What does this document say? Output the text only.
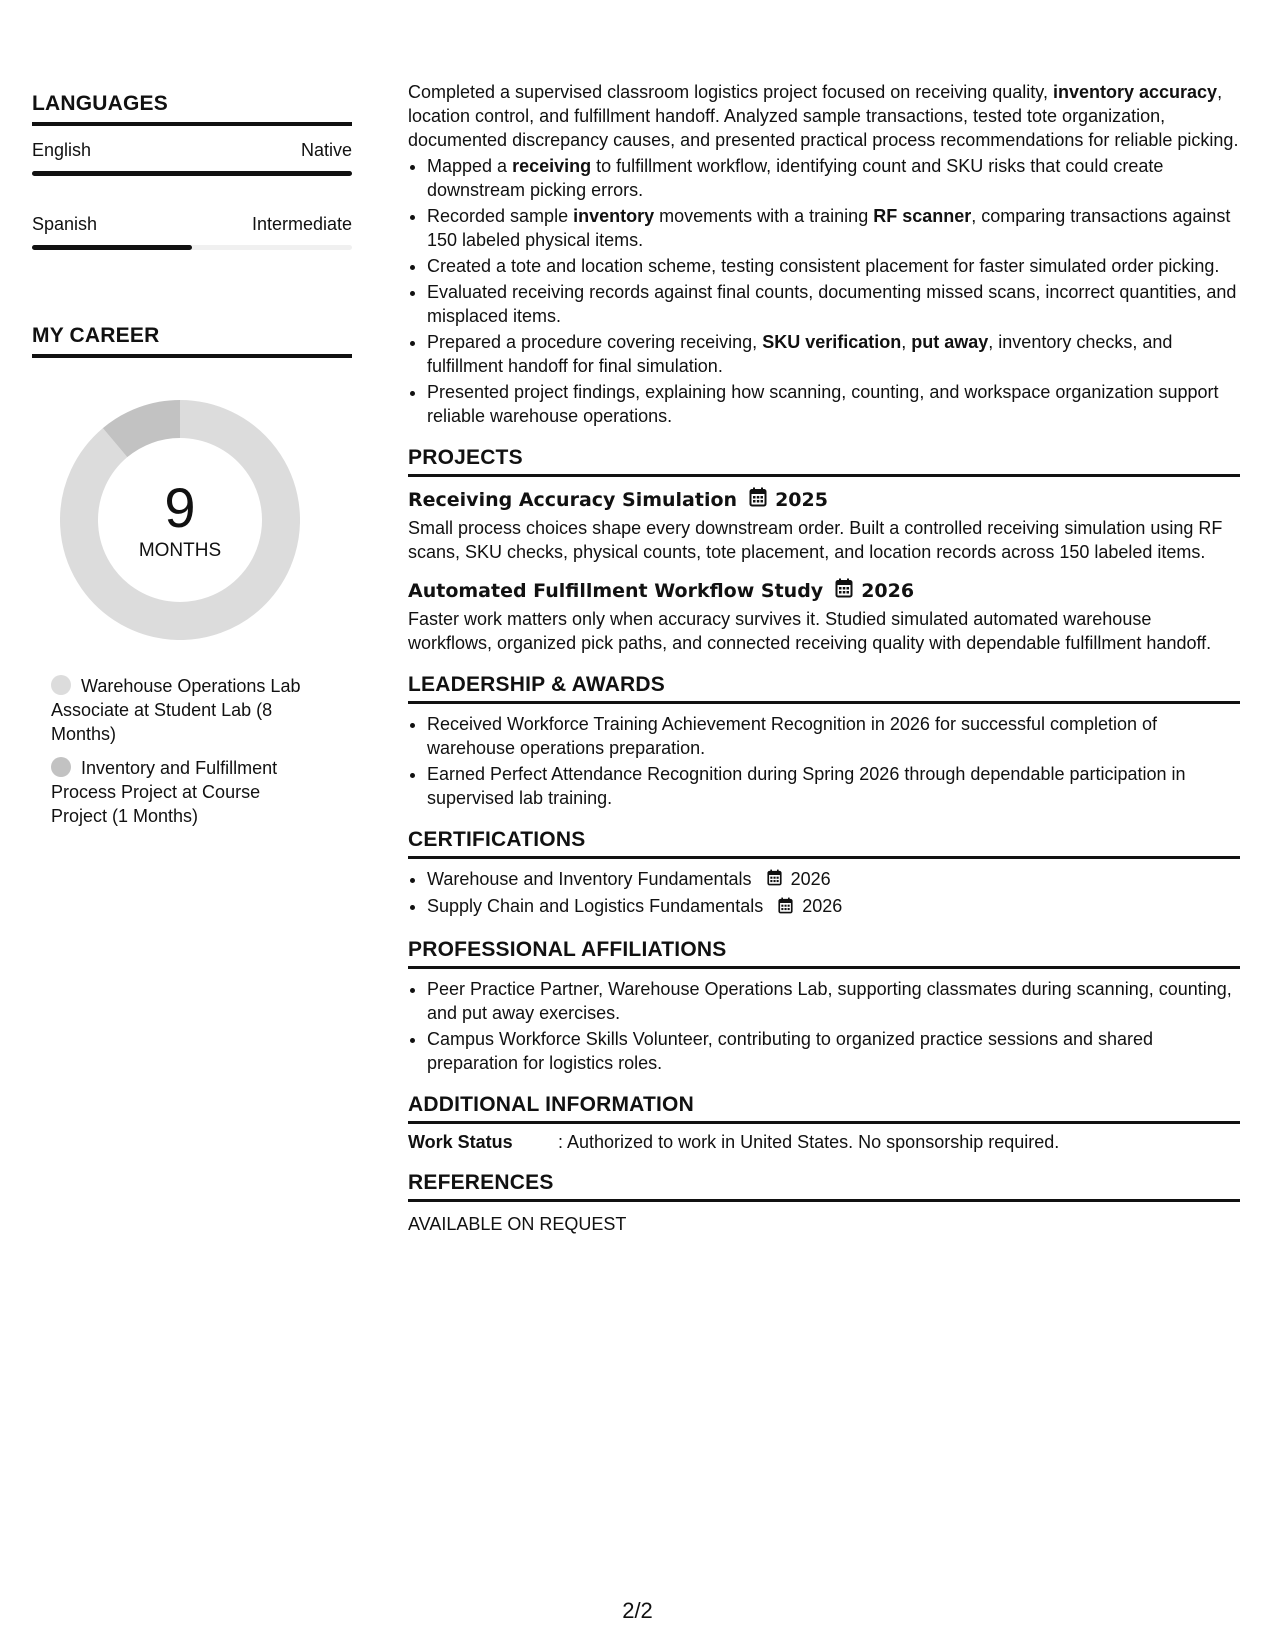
LANGUAGES
English	Native
Spanish	Intermediate
MY CAREER
9
MONTHS
Warehouse Operations Lab Associate at Student Lab (8 Months)
Inventory and Fulfillment Process Project at Course Project (1 Months)

Completed a supervised classroom logistics project focused on receiving quality, inventory accuracy, location control, and fulfillment handoff. Analyzed sample transactions, tested tote organization, documented discrepancy causes, and presented practical process recommendations for reliable picking.

• Mapped a receiving to fulfillment workflow, identifying count and SKU risks that could create downstream picking errors.
• Recorded sample inventory movements with a training RF scanner, comparing transactions against 150 labeled physical items.
• Created a tote and location scheme, testing consistent placement for faster simulated order picking.
• Evaluated receiving records against final counts, documenting missed scans, incorrect quantities, and misplaced items.
• Prepared a procedure covering receiving, SKU verification, put away, inventory checks, and fulfillment handoff for final simulation.
• Presented project findings, explaining how scanning, counting, and workspace organization support reliable warehouse operations.
PROJECTS
Receiving Accuracy Simulation 2025

Small process choices shape every downstream order. Built a controlled receiving simulation using RF scans, SKU checks, physical counts, tote placement, and location records across 150 labeled items.

Automated Fulfillment Workflow Study 2026

Faster work matters only when accuracy survives it. Studied simulated automated warehouse workflows, organized pick paths, and connected receiving quality with dependable fulfillment handoff.

LEADERSHIP & AWARDS
• Received Workforce Training Achievement Recognition in 2026 for successful completion of warehouse operations preparation.
• Earned Perfect Attendance Recognition during Spring 2026 through dependable participation in supervised lab training.
CERTIFICATIONS
• Warehouse and Inventory Fundamentals 2026
• Supply Chain and Logistics Fundamentals 2026
PROFESSIONAL AFFILIATIONS
• Peer Practice Partner, Warehouse Operations Lab, supporting classmates during scanning, counting, and put away exercises.
• Campus Workforce Skills Volunteer, contributing to organized practice sessions and shared preparation for logistics roles.
ADDITIONAL INFORMATION
Work Status	: Authorized to work in United States. No sponsorship required.
REFERENCES

AVAILABLE ON REQUEST

2/2
